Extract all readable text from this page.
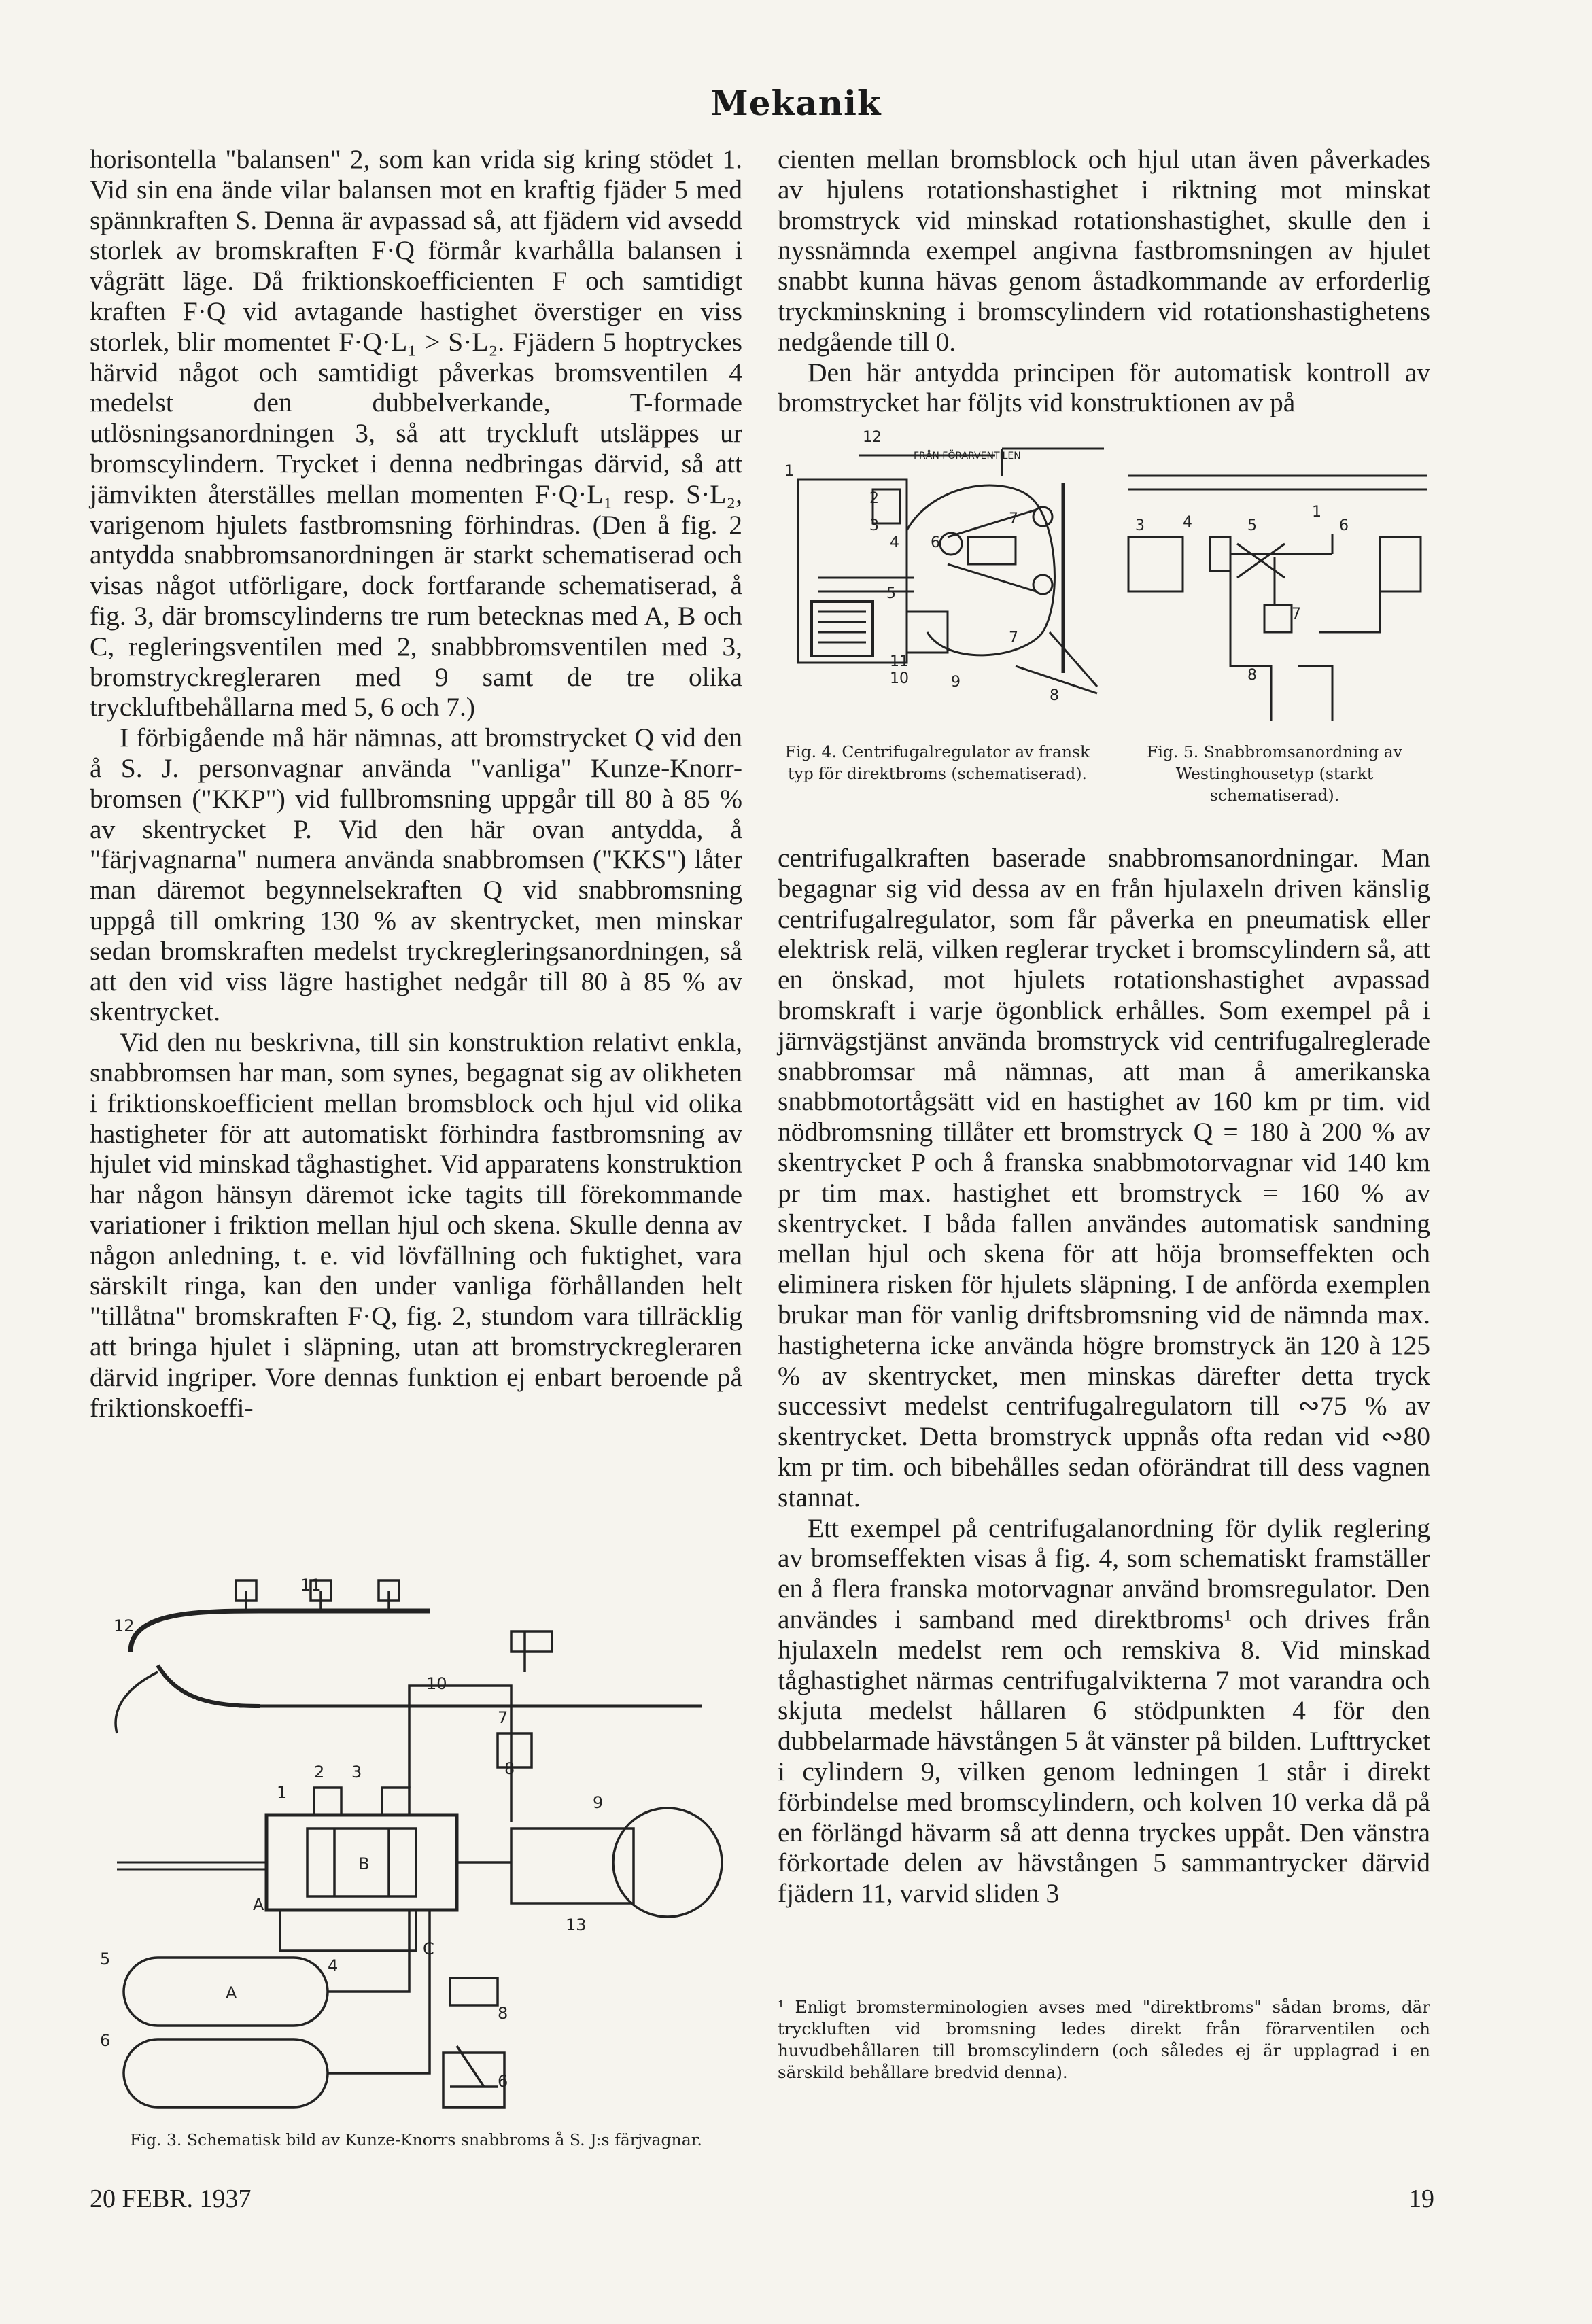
Mekanik

horisontella "balansen" 2, som kan vrida sig kring stödet 1. Vid sin ena ände vilar balansen mot en kraftig fjäder 5 med spännkraften S. Denna är avpassad så, att fjädern vid avsedd storlek av bromskraften F·Q förmår kvarhålla balansen i vågrätt läge. Då friktionskoefficienten F och samtidigt kraften F·Q vid avtagande hastighet överstiger en viss storlek, blir momentet F·Q·L₁ > S·L₂. Fjädern 5 hoptryckes härvid något och samtidigt påverkas bromsventilen 4 medelst den dubbelverkande, T-formade utlösningsanordningen 3, så att tryckluft utsläppes ur bromscylindern. Trycket i denna nedbringas därvid, så att jämvikten återställes mellan momenten F·Q·L₁ resp. S·L₂, varigenom hjulets fastbromsning förhindras. (Den å fig. 2 antydda snabbromsanordningen är starkt schematiserad och visas något utförligare, dock fortfarande schematiserad, å fig. 3, där bromscylinderns tre rum betecknas med A, B och C, regleringsventilen med 2, snabbbromsventilen med 3, bromstryckregleraren med 9 samt de tre olika tryckluftbehållarna med 5, 6 och 7.)

I förbigående må här nämnas, att bromstrycket Q vid den å S. J. personvagnar använda "vanliga" Kunze-Knorr-bromsen ("KKP") vid fullbromsning uppgår till 80 à 85 % av skentrycket P. Vid den här ovan antydda, å "färjvagnarna" numera använda snabbromsen ("KKS") låter man däremot begynnelsekraften Q vid snabbromsning uppgå till omkring 130 % av skentrycket, men minskar sedan bromskraften medelst tryckregleringsanordningen, så att den vid viss lägre hastighet nedgår till 80 à 85 % av skentrycket.

Vid den nu beskrivna, till sin konstruktion relativt enkla, snabbromsen har man, som synes, begagnat sig av olikheten i friktionskoefficient mellan bromsblock och hjul vid olika hastigheter för att automatiskt förhindra fastbromsning av hjulet vid minskad tåghastighet. Vid apparatens konstruktion har någon hänsyn däremot icke tagits till förekommande variationer i friktion mellan hjul och skena. Skulle denna av någon anledning, t. e. vid lövfällning och fuktighet, vara särskilt ringa, kan den under vanliga förhållanden helt "tillåtna" bromskraften F·Q, fig. 2, stundom vara tillräcklig att bringa hjulet i släpning, utan att bromstryckregleraren därvid ingriper. Vore dennas funktion ej enbart beroende på friktionskoeffi-

cienten mellan bromsblock och hjul utan även påverkades av hjulens rotationshastighet i riktning mot minskat bromstryck vid minskad rotationshastighet, skulle den i nyssnämnda exempel angivna fastbromsningen av hjulet snabbt kunna hävas genom åstadkommande av erforderlig tryckminskning i bromscylindern vid rotationshastighetens nedgående till 0.

Den här antydda principen för automatisk kontroll av bromstrycket har följts vid konstruktionen av på

12
FRÅN FÖRARVENTILEN
1
2
3
4 6
7
5
7
11
10	9
8
1
3	4	5	6
7
8
Fig. 4. Centrifugalregulator av fransk typ för direktbroms (schematiserad).
Fig. 5. Snabbromsanordning av Westinghousetyp (starkt schematiserad).

centrifugalkraften baserade snabbromsanordningar. Man begagnar sig vid dessa av en från hjulaxeln driven känslig centrifugalregulator, som får påverka en pneumatisk eller elektrisk relä, vilken reglerar trycket i bromscylindern så, att en önskad, mot hjulets rotationshastighet avpassad bromskraft i varje ögonblick erhålles. Som exempel på i järnvägstjänst använda bromstryck vid centrifugalreglerade snabbromsar må nämnas, att man å amerikanska snabbmotortågsätt vid en hastighet av 160 km pr tim. vid nödbromsning tillåter ett bromstryck Q = 180 à 200 % av skentrycket P och å franska snabbmotorvagnar vid 140 km pr tim max. hastighet ett bromstryck = 160 % av skentrycket. I båda fallen användes automatisk sandning mellan hjul och skena för att höja bromseffekten och eliminera risken för hjulets släpning. I de anförda exemplen brukar man för vanlig driftsbromsning vid de nämnda max. hastigheterna icke använda högre bromstryck än 120 à 125 % av skentrycket, men minskas därefter detta tryck successivt medelst centrifugalregulatorn till ∾75 % av skentrycket. Detta bromstryck uppnås ofta redan vid ∾80 km pr tim. och bibehålles sedan oförändrat till dess vagnen stannat.

Ett exempel på centrifugalanordning för dylik reglering av bromseffekten visas å fig. 4, som schematiskt framställer en å flera franska motorvagnar använd bromsregulator. Den användes i samband med direktbroms¹ och drives från hjulaxeln medelst rem och remskiva 8. Vid minskad tåghastighet närmas centrifugalvikterna 7 mot varandra och skjuta medelst hållaren 6 stödpunkten 4 för den dubbelarmade hävstången 5 åt vänster på bilden. Lufttrycket i cylindern 9, vilken genom ledningen 1 står i direkt förbindelse med bromscylindern, och kolven 10 verka då på en förlängd hävarm så att denna tryckes uppåt. Den vänstra förkortade delen av hävstången 5 sammantrycker därvid fjädern 11, varvid sliden 3

11
12
10
7
2 3
1
B
4
A
5
A
C
6
8
9
13
8
6
Fig. 3. Schematisk bild av Kunze-Knorrs snabbroms å S. J:s färjvagnar.
¹ Enligt bromsterminologien avses med "direktbroms" sådan broms, där tryckluften vid bromsning ledes direkt från förarventilen och huvudbehållaren till bromscylindern (och således ej är upplagrad i en särskild behållare bredvid denna).
20 FEBR. 1937	19
